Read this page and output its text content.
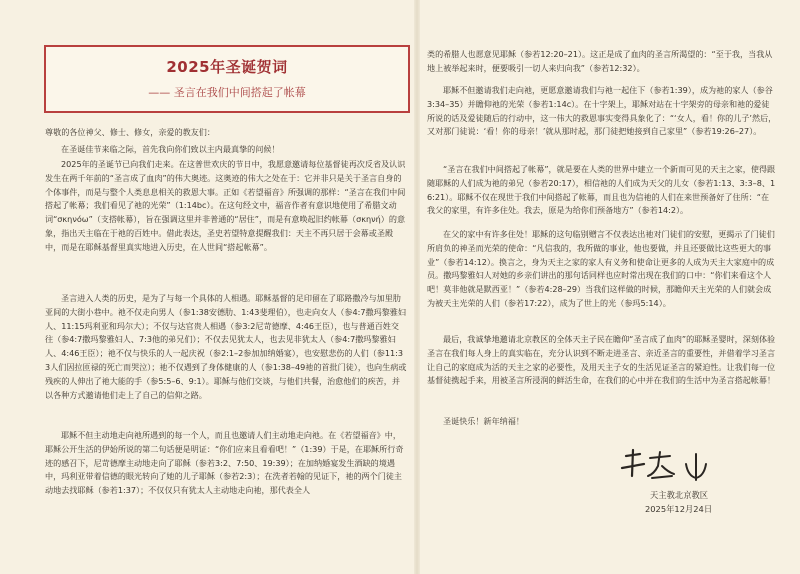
2025年圣诞贺词
—— 圣言在我们中间搭起了帐幕

尊敬的各位神父、修士、修女，亲爱的教友们：

在圣诞佳节来临之际，首先我向你们致以主内最真挚的问候！

2025年的圣诞节已向我们走来。在这普世欢庆的节日中，我愿意邀请每位基督徒再次反省及认识发生在两千年前的“圣言成了血肉”的伟大奥迹。这奥迹的伟大之处在于：它并非只是关于圣言自身的个体事件，而是与整个人类息息相关的救恩大事。正如《若望福音》所强调的那样：“圣言在我们中间搭起了帐幕；我们看见了祂的光荣”（1:14bc）。在这句经文中，福音作者有意识地使用了希腊文动词“σκηνόω”（支搭帐幕），旨在强调这里并非普通的“居住”，而是有意唤起旧约帐幕（σκηνή）的意象，指出天主临在于祂的百姓中。借此表达，圣史若望特意提醒我们：天主不再只居于会幕或圣殿中，而是在耶稣基督里真实地进入历史，在人世间“搭起帐幕”。

圣言进入人类的历史，是为了与每一个具体的人相遇。耶稣基督的足印留在了耶路撒冷与加里肋亚间的大街小巷中。祂不仅走向男人（参1:38安德肋、1:43斐理伯），也走向女人（参4:7撒玛黎雅妇人、11:15玛利亚和玛尔大）；不仅与达官贵人相遇（参3:2尼苛德摩、4:46王臣），也与普通百姓交往（参4:7撒玛黎雅妇人、7:3他的弟兄们）；不仅去见犹太人，也去见非犹太人（参4:7撒玛黎雅妇人、4:46王臣）；祂不仅与快乐的人一起庆祝（参2:1–2参加加纳婚宴），也安慰悲伤的人们（参11:33人们因拉匝禄的死亡而哭泣）；祂不仅遇到了身体健康的人（参1:38–49祂的首批门徒），也向生病或残疾的人伸出了祂大能的手（参5:5–6、9:1）。耶稣与他们交谈，与他们共餐，治愈他们的疾苦，并以各种方式邀请他们走上了自己的信仰之路。

耶稣不但主动地走向祂所遇到的每一个人，而且也邀请人们主动地走向祂。在《若望福音》中，耶稣公开生活的伊始所说的第二句话便是明证：“你们应来且看看吧！”（1:39）于是，在耶稣所行奇迹的感召下，尼苛德摩主动地走向了耶稣（参若3:2、7:50、19:39）；在加纳婚宴发生酒缺的境遇中，玛利亚带着信德的眼光转向了她的儿子耶稣（参若2:3）；在洗者若翰的见证下，祂的两个门徒主动地去找耶稣（参若1:37）；不仅仅只有犹太人主动地走向祂，那代表全人

类的希腊人也愿意见耶稣（参若12:20–21）。这正是成了血肉的圣言所渴望的：“至于我，当我从地上被举起来时，便要吸引一切人来归向我”（参若12:32）。

耶稣不但邀请我们走向祂，更愿意邀请我们与祂一起住下（参若1:39），成为祂的家人（参谷3:34–35）并瞻仰祂的光荣（参若1:14c）。在十字架上，耶稣对站在十字架旁的母亲和祂的爱徒所说的话及爱徒随后的行动中，这一伟大的救恩事实变得具象化了：“‘女人，看！你的儿子’然后，又对那门徒说：‘看！你的母亲！’就从那时起，那门徒把她接到自己家里”（参若19:26–27）。

“圣言在我们中间搭起了帐幕”，就是要在人类的世界中建立一个新而可见的天主之家，使得跟随耶稣的人们成为祂的弟兄（参若20:17），相信祂的人们成为天父的儿女（参若1:13、3:3–8、16:21）。耶稣不仅在现世于我们中间搭起了帐幕，而且也为信祂的人们在来世预备好了住所：“在我父的家里，有许多住处。我去，原是为给你们预备地方”（参若14:2）。

在父的家中有许多住处！耶稣的这句临别赠言不仅表达出祂对门徒们的安慰，更揭示了门徒们所肩负的神圣而光荣的使命：“凡信我的，我所做的事业，他也要做，并且还要做比这些更大的事业”（参若14:12）。换言之，身为天主之家的家人有义务和使命让更多的人成为天主大家庭中的成员。撒玛黎雅妇人对她的乡亲们讲出的那句话同样也应时常出现在我们的口中：“你们来看这个人吧！莫非他就是默西亚！”（参若4:28–29）当我们这样做的时候，那瞻仰天主光荣的人们就会成为被天主光荣的人们（参若17:22），成为了世上的光（参玛5:14）。

最后，我诚挚地邀请北京教区的全体天主子民在瞻仰“圣言成了血肉”的耶稣圣婴时，深刻体验圣言在我们每人身上的真实临在，充分认识到不断走进圣言、亲近圣言的重要性，并借着学习圣言让自己的家庭成为活的天主之家的必要性，及用天主子女的生活见证圣言的紧迫性。让我们每一位基督徒携起手来，用被圣言所浸润的鲜活生命，在我们的心中并在我们的生活中为圣言搭起帐幕！

圣诞快乐！新年纳福！

天主教北京教区
2025年12月24日
